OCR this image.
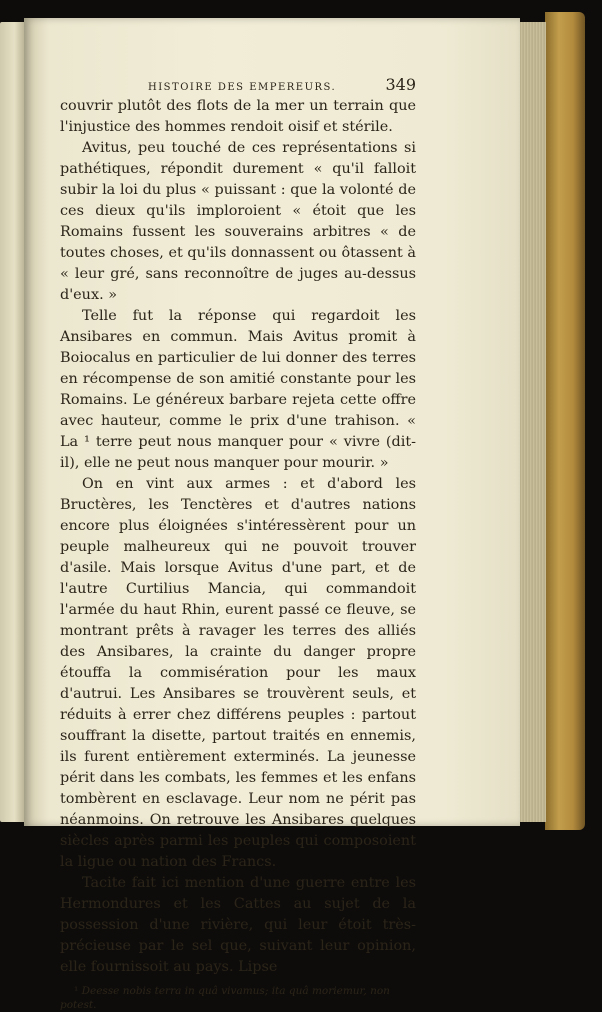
HISTOIRE DES EMPEREURS.	349

couvrir plutôt des flots de la mer un terrain que l'injustice des hommes rendoit oisif et stérile.

Avitus, peu touché de ces représentations si pathétiques, répondit durement « qu'il falloit subir la loi du plus « puissant : que la volonté de ces dieux qu'ils imploroient « étoit que les Romains fussent les souverains arbitres « de toutes choses, et qu'ils donnassent ou ôtassent à « leur gré, sans reconnoître de juges au-dessus d'eux. »

Telle fut la réponse qui regardoit les Ansibares en commun. Mais Avitus promit à Boiocalus en particulier de lui donner des terres en récompense de son amitié constante pour les Romains. Le généreux barbare rejeta cette offre avec hauteur, comme le prix d'une trahison. « La ¹ terre peut nous manquer pour « vivre (dit-il), elle ne peut nous manquer pour mourir. »

On en vint aux armes : et d'abord les Bructères, les Tenctères et d'autres nations encore plus éloignées s'intéressèrent pour un peuple malheureux qui ne pouvoit trouver d'asile. Mais lorsque Avitus d'une part, et de l'autre Curtilius Mancia, qui commandoit l'armée du haut Rhin, eurent passé ce fleuve, se montrant prêts à ravager les terres des alliés des Ansibares, la crainte du danger propre étouffa la commisération pour les maux d'autrui. Les Ansibares se trouvèrent seuls, et réduits à errer chez différens peuples : partout souffrant la disette, partout traités en ennemis, ils furent entièrement exterminés. La jeunesse périt dans les combats, les femmes et les enfans tombèrent en esclavage. Leur nom ne périt pas néanmoins. On retrouve les Ansibares quelques siècles après parmi les peuples qui composoient la ligue ou nation des Francs.

Tacite fait ici mention d'une guerre entre les Hermondures et les Cattes au sujet de la possession d'une rivière, qui leur étoit très-précieuse par le sel que, suivant leur opinion, elle fournissoit au pays. Lipse

¹ Deesse nobis terra in quâ vivamus; ita quâ moriemur, non potest.
